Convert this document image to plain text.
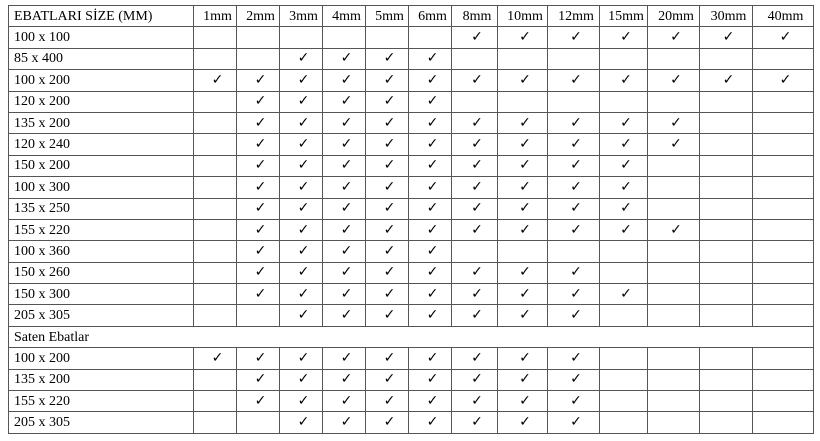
EBATLARI SİZE (MM)	1mm	2mm	3mm	4mm	5mm	6mm	8mm	10mm	12mm	15mm	20mm	30mm	40mm
100 x 100							✓	✓	✓	✓	✓	✓	✓
85 x 400			✓	✓	✓	✓							
100 x 200	✓	✓	✓	✓	✓	✓	✓	✓	✓	✓	✓	✓	✓
120 x 200		✓	✓	✓	✓	✓							
135 x 200		✓	✓	✓	✓	✓	✓	✓	✓	✓	✓		
120 x 240		✓	✓	✓	✓	✓	✓	✓	✓	✓	✓		
150 x 200		✓	✓	✓	✓	✓	✓	✓	✓	✓			
100 x 300		✓	✓	✓	✓	✓	✓	✓	✓	✓			
135 x 250		✓	✓	✓	✓	✓	✓	✓	✓	✓			
155 x 220		✓	✓	✓	✓	✓	✓	✓	✓	✓	✓		
100 x 360		✓	✓	✓	✓	✓							
150 x 260		✓	✓	✓	✓	✓	✓	✓	✓				
150 x 300		✓	✓	✓	✓	✓	✓	✓	✓	✓			
205 x 305			✓	✓	✓	✓	✓	✓	✓				
Saten Ebatlar													
100 x 200	✓	✓	✓	✓	✓	✓	✓	✓	✓				
135 x 200		✓	✓	✓	✓	✓	✓	✓	✓				
155 x 220		✓	✓	✓	✓	✓	✓	✓	✓				
205 x 305			✓	✓	✓	✓	✓	✓	✓				
